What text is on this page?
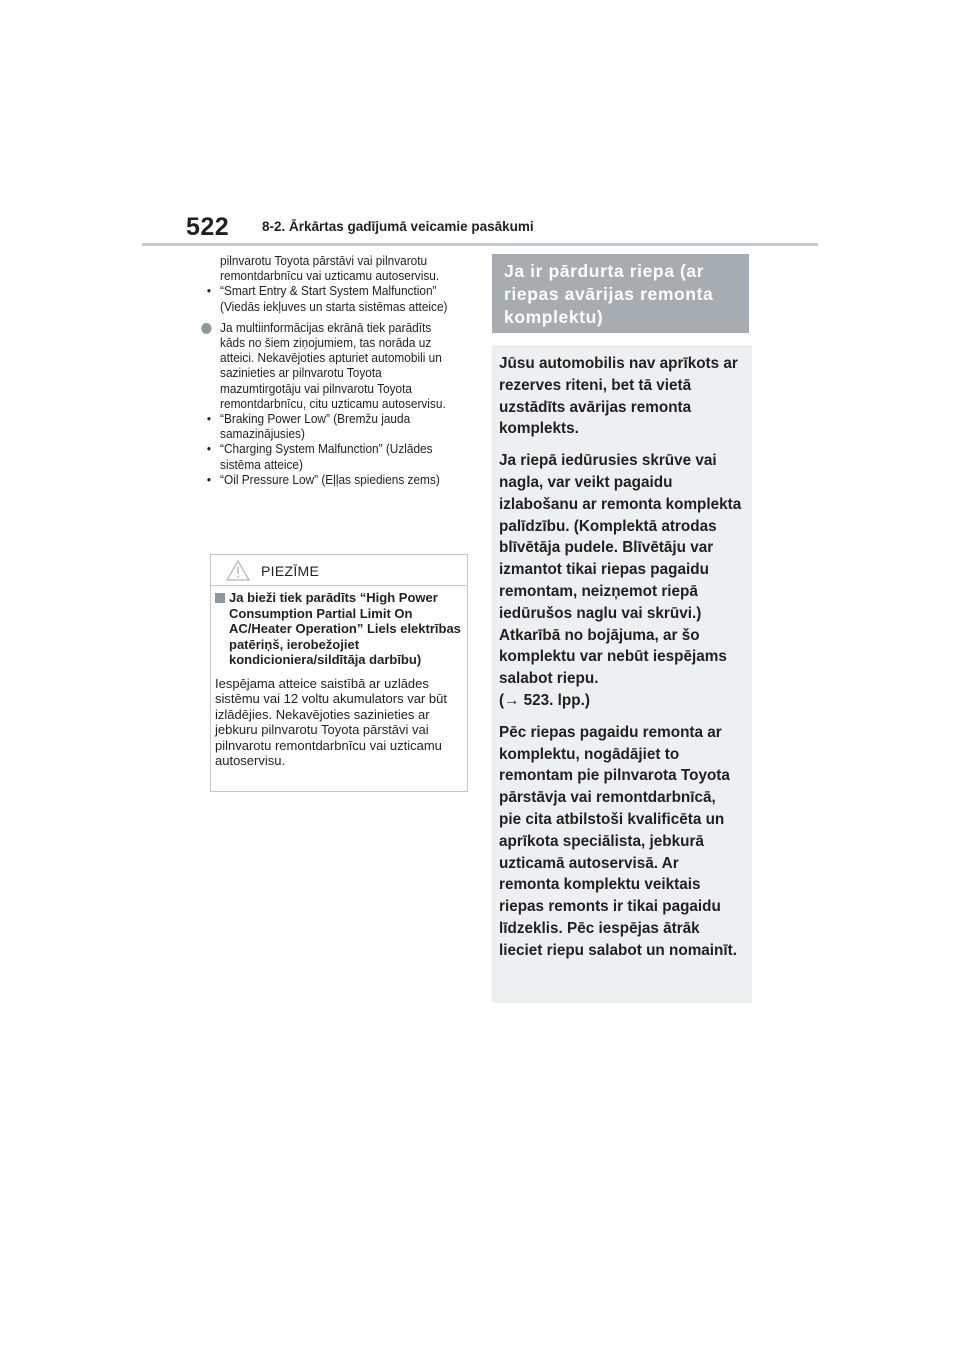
522 8-2. Ārkārtas gadījumā veicamie pasākumi

pilnvarotu Toyota pārstāvi vai pilnvarotu remontdarbnīcu vai uzticamu autoservisu.

• “Smart Entry & Start System Malfunction” (Viedās iekļuves un starta sistēmas atteice)

Ja multiinformācijas ekrānā tiek parādīts kāds no šiem ziņojumiem, tas norāda uz atteici. Nekavējoties apturiet automobili un sazinieties ar pilnvarotu Toyota mazumtirgotāju vai pilnvarotu Toyota remontdarbnīcu, citu uzticamu autoservisu.

• “Braking Power Low” (Bremžu jauda samazinājusies)

• “Charging System Malfunction” (Uzlādes sistēma atteice)

• “Oil Pressure Low” (Eļļas spiediens zems)

PIEZĪME

Ja bieži tiek parādīts “High Power Consumption Partial Limit On AC/Heater Operation” Liels elektrības patēriņš, ierobežojiet kondicioniera/sildītāja darbību)

Iespējama atteice saistībā ar uzlādes sistēmu vai 12 voltu akumulators var būt izlādējies. Nekavējoties sazinieties ar jebkuru pilnvarotu Toyota pārstāvi vai pilnvarotu remontdarbnīcu vai uzticamu autoservisu.

Ja ir pārdurta riepa (ar riepas avārijas remonta komplektu)

Jūsu automobilis nav aprīkots ar rezerves riteni, bet tā vietā uzstādīts avārijas remonta komplekts.

Ja riepā iedūrusies skrūve vai nagla, var veikt pagaidu izlabošanu ar remonta komplekta palīdzību. (Komplektā atrodas blīvētāja pudele. Blīvētāju var izmantot tikai riepas pagaidu remontam, neizņemot riepā iedūrušos naglu vai skrūvi.) Atkarībā no bojājuma, ar šo komplektu var nebūt iespējams salabot riepu.
(→ 523. lpp.)

Pēc riepas pagaidu remonta ar komplektu, nogādājiet to remontam pie pilnvarota Toyota pārstāvja vai remontdarbnīcā, pie cita atbilstoši kvalificēta un aprīkota speciālista, jebkurā uzticamā autoservisā. Ar remonta komplektu veiktais riepas remonts ir tikai pagaidu līdzeklis. Pēc iespējas ātrāk lieciet riepu salabot un nomainīt.
